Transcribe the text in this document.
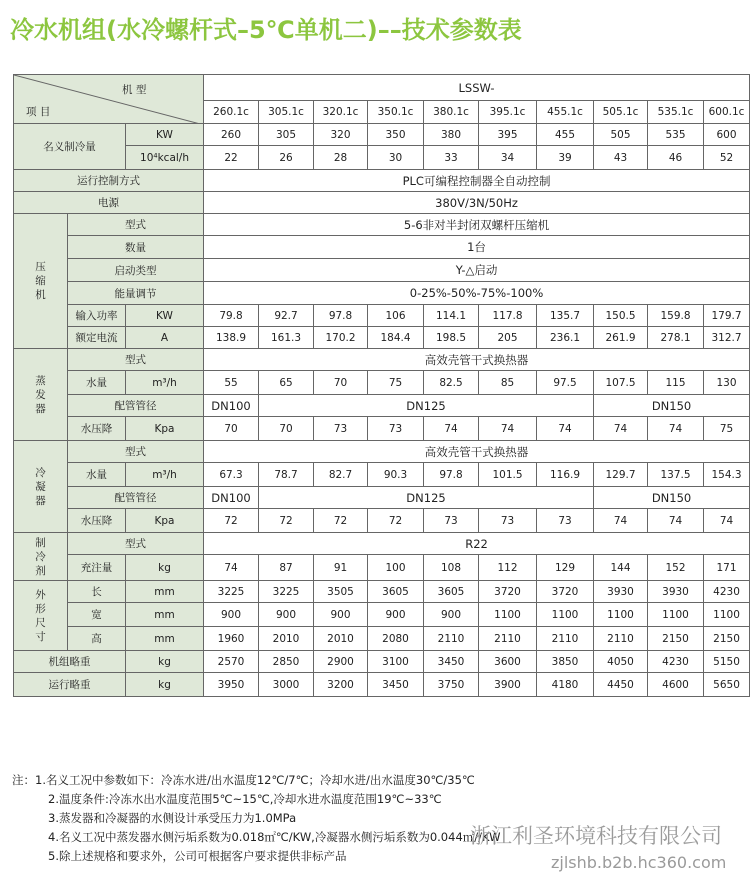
冷水机组(水冷螺杆式–5℃单机二)––技术参数表
机 型
项 目			LSSW-									
			260.1c	305.1c	320.1c	350.1c	380.1c	395.1c	455.1c	505.1c	535.1c	600.1c
名义制冷量		KW	260	305	320	350	380	395	455	505	535	600
		10⁴kcal/h	22	26	28	30	33	34	39	43	46	52
运行控制方式			PLC可编程控制器全自动控制									
电源			380V/3N/50Hz									

压
缩
机	型式		5-6非对半封闭双螺杆压缩机									
	数量		1台									
	启动类型		Y-△启动									
	能量调节		0-25%-50%-75%-100%									
	输入功率	KW	79.8	92.7	97.8	106	114.1	117.8	135.7	150.5	159.8	179.7
	额定电流	A	138.9	161.3	170.2	184.4	198.5	205	236.1	261.9	278.1	312.7

蒸
发
器	型式		高效壳管干式换热器									
	水量	m³/h	55	65	70	75	82.5	85	97.5	107.5	115	130
	配管管径		DN100	DN125						DN150		
	水压降	Kpa	70	70	73	73	74	74	74	74	74	75

冷
凝
器	型式		高效壳管干式换热器									
	水量	m³/h	67.3	78.7	82.7	90.3	97.8	101.5	116.9	129.7	137.5	154.3
	配管管径		DN100	DN125						DN150		
	水压降	Kpa	72	72	72	72	73	73	73	74	74	74

制
冷
剂	型式		R22									
	充注量	kg	74	87	91	100	108	112	129	144	152	171

外
形
尺
寸	长	mm	3225	3225	3505	3605	3605	3720	3720	3930	3930	4230
	宽	mm	900	900	900	900	900	1100	1100	1100	1100	1100
	高	mm	1960	2010	2010	2080	2110	2110	2110	2110	2150	2150
机组略重		kg	2570	2850	2900	3100	3450	3600	3850	4050	4230	5150
运行略重		kg	3950	3000	3200	3450	3750	3900	4180	4450	4600	5650
注：1.名义工况中参数如下：冷冻水进/出水温度12℃/7℃；冷却水进/出水温度30℃/35℃
2.温度条件:冷冻水出水温度范围5℃~15℃,冷却水进水温度范围19℃~33℃
3.蒸发器和冷凝器的水侧设计承受压力为1.0MPa
4.名义工况中蒸发器水侧污垢系数为0.018㎡℃/KW,冷凝器水侧污垢系数为0.044㎡//KW
5.除上述规格和要求外，公司可根据客户要求提供非标产品
浙江利圣环境科技有限公司
zjlshb.b2b.hc360.com
